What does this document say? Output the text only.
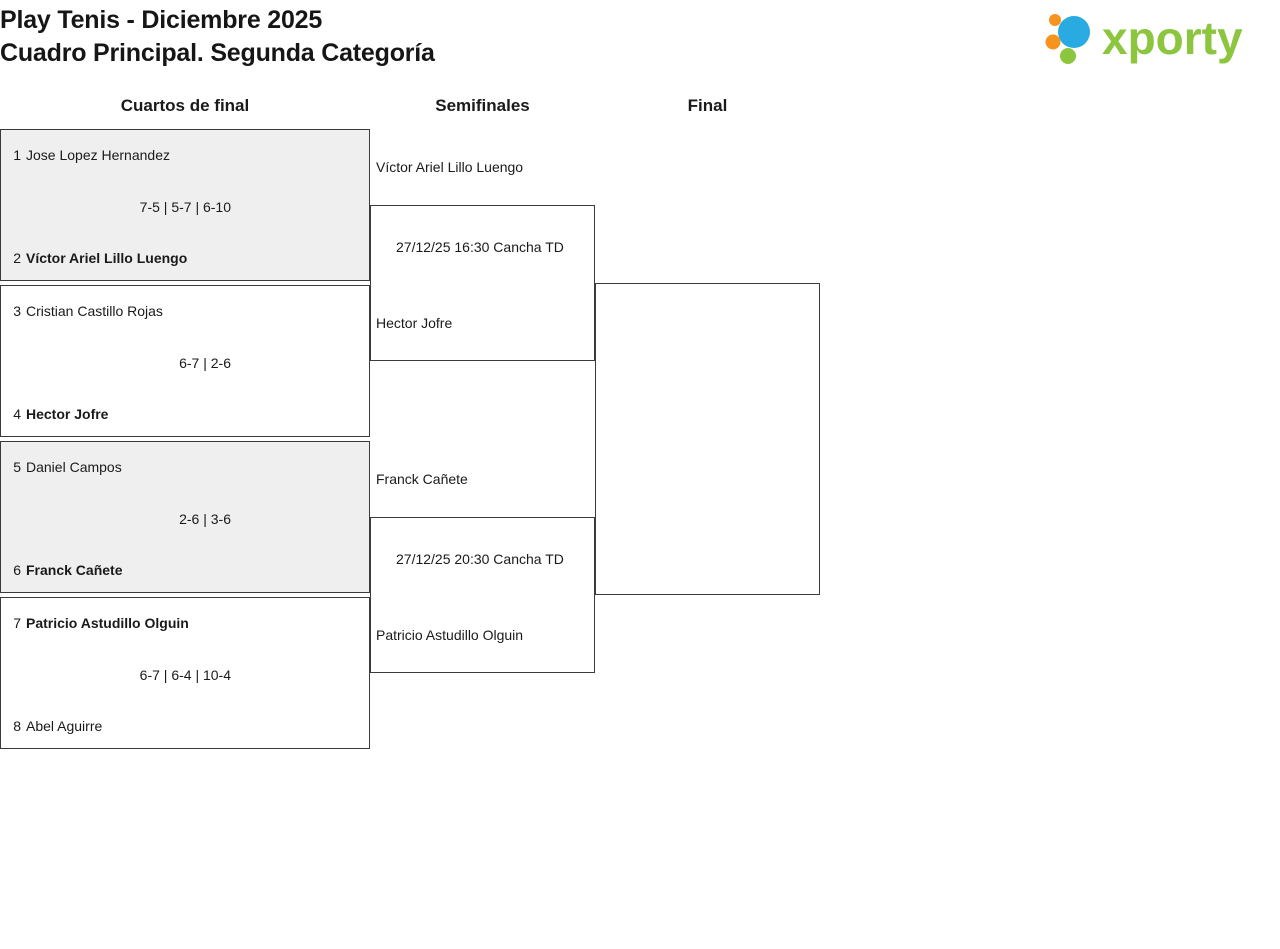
Play Tenis - Diciembre 2025
Cuadro Principal. Segunda Categoría	xporty
Cuartos de final	Semifinales	Final
1 Jose Lopez Hernandez
7-5 | 5-7 | 6-10
2 Víctor Ariel Lillo Luengo
3 Cristian Castillo Rojas
6-7 | 2-6
4 Hector Jofre
5 Daniel Campos
2-6 | 3-6
6 Franck Cañete
7 Patricio Astudillo Olguin
6-7 | 6-4 | 10-4
8 Abel Aguirre
Víctor Ariel Lillo Luengo
27/12/25 16:30 Cancha TD
Hector Jofre
Franck Cañete
27/12/25 20:30 Cancha TD
Patricio Astudillo Olguin
